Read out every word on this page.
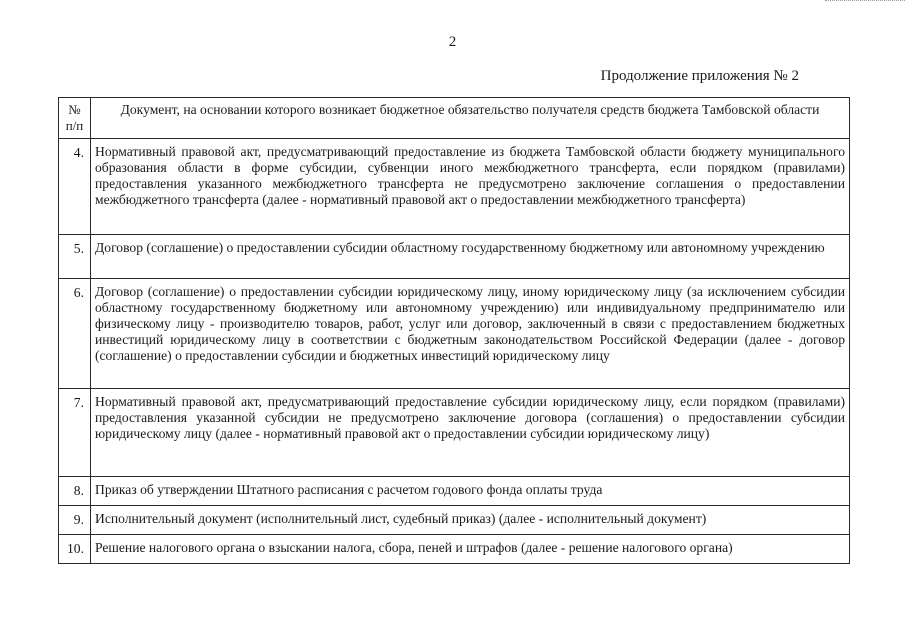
2
Продолжение приложения № 2
№
п/п	Документ, на основании которого возникает бюджетное обязательство получателя средств бюджета Тамбовской области
4.	Нормативный правовой акт, предусматривающий предоставление из бюджета Тамбовской области бюджету муниципального образования области в форме субсидии, субвенции иного межбюджетного трансферта, если порядком (правилами) предоставления указанного межбюджетного трансферта не предусмотрено заключение соглашения о предоставлении межбюджетного трансферта (далее - нормативный правовой акт о предоставлении межбюджетного трансферта)
5.	Договор (соглашение) о предоставлении субсидии областному государственному бюджетному или автономному учреждению
6.	Договор (соглашение) о предоставлении субсидии юридическому лицу, иному юридическому лицу (за исключением субсидии областному государственному бюджетному или автономному учреждению) или индивидуальному предпринимателю или физическому лицу - производителю товаров, работ, услуг или договор, заключенный в связи с предоставлением бюджетных инвестиций юридическому лицу в соответствии с бюджетным законодательством Российской Федерации (далее - договор (соглашение) о предоставлении субсидии и бюджетных инвестиций юридическому лицу
7.	Нормативный правовой акт, предусматривающий предоставление субсидии юридическому лицу, если порядком (правилами) предоставления указанной субсидии не предусмотрено заключение договора (соглашения) о предоставлении субсидии юридическому лицу (далее - нормативный правовой акт о предоставлении субсидии юридическому лицу)
8.	Приказ об утверждении Штатного расписания с расчетом годового фонда оплаты труда
9.	Исполнительный документ (исполнительный лист, судебный приказ) (далее - исполнительный документ)
10.	Решение налогового органа о взыскании налога, сбора, пеней и штрафов (далее - решение налогового органа)
